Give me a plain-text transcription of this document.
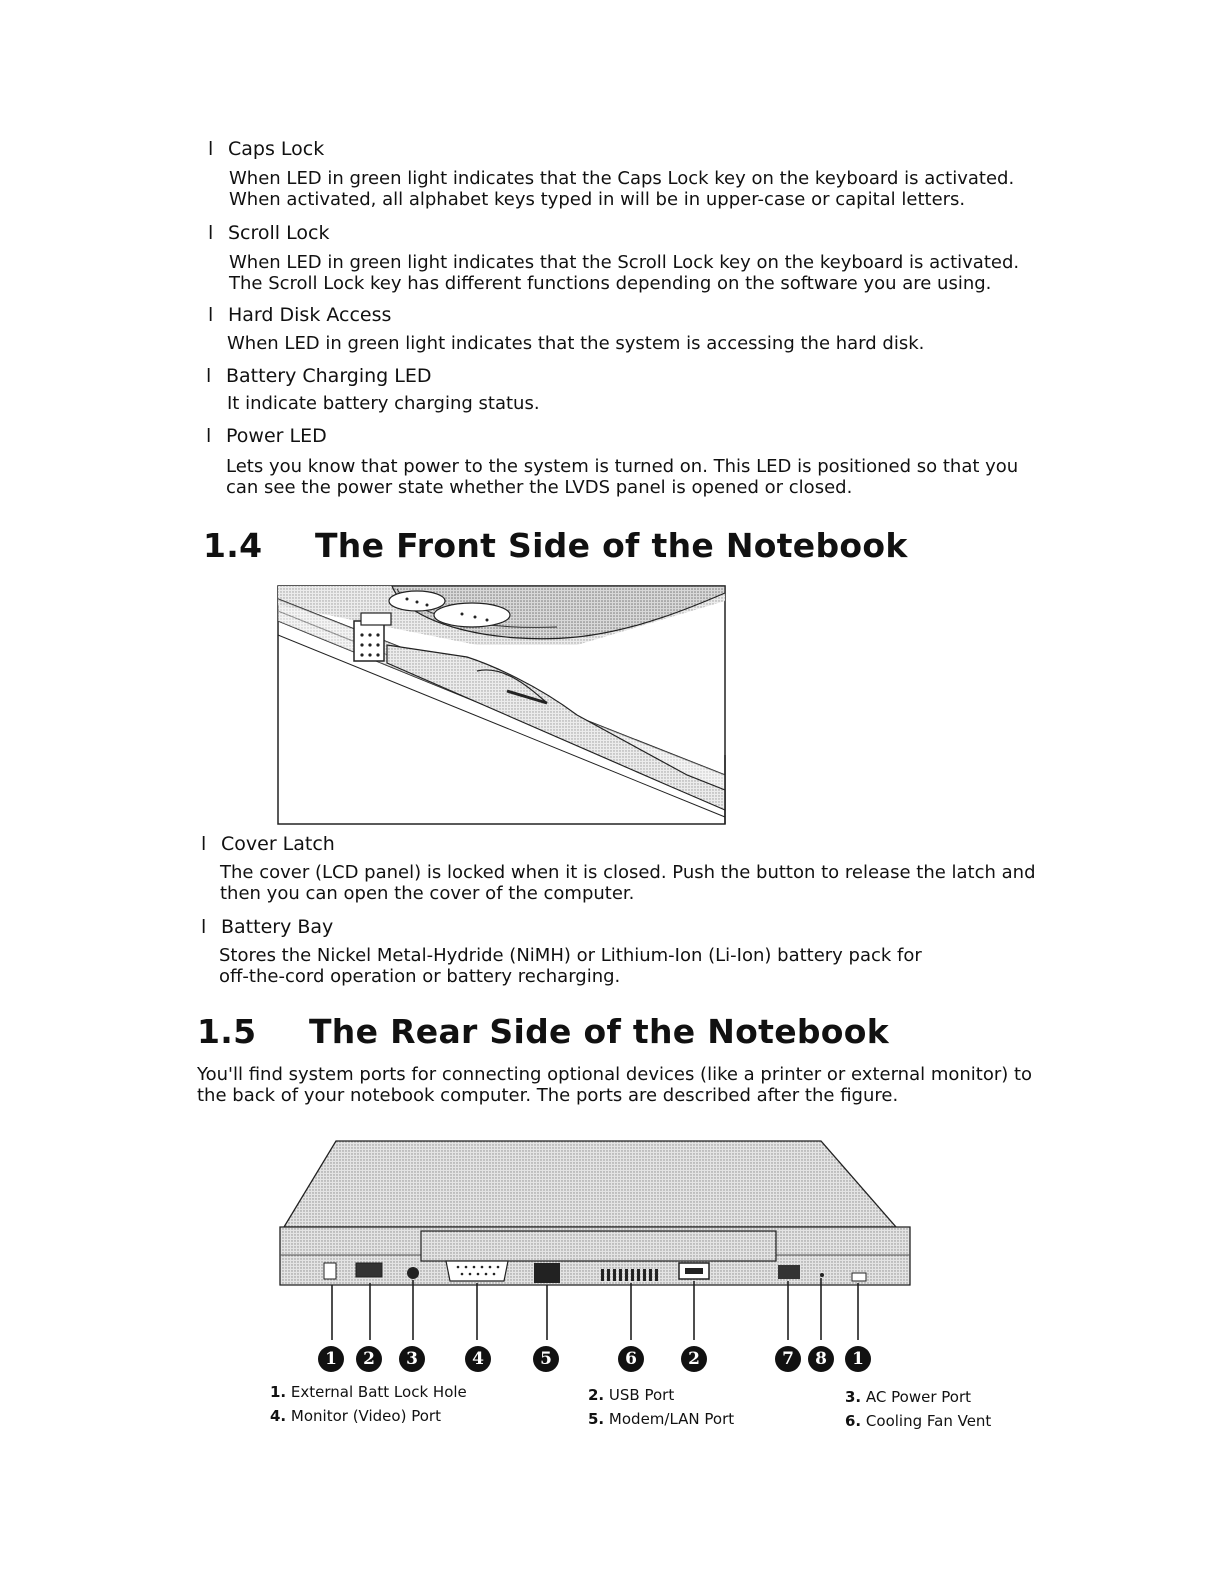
l Caps Lock
When LED in green light indicates that the Caps Lock key on the keyboard is activated.
When activated, all alphabet keys typed in will be in upper-case or capital letters.
l Scroll Lock
When LED in green light indicates that the Scroll Lock key on the keyboard is activated.
The Scroll Lock key has different functions depending on the software you are using.
l Hard Disk Access
When LED in green light indicates that the system is accessing the hard disk.
l Battery Charging LED
It indicate battery charging status.
l Power LED
Lets you know that power to the system is turned on. This LED is positioned so that you
can see the power state whether the LVDS panel is opened or closed.
1.4 The Front Side of the Notebook
l Cover Latch
The cover (LCD panel) is locked when it is closed. Push the button to release the latch and
then you can open the cover of the computer.
l Battery Bay
Stores the Nickel Metal-Hydride (NiMH) or Lithium-Ion (Li-Ion) battery pack for
off-the-cord operation or battery recharging.
1.5 The Rear Side of the Notebook
You'll find system ports for connecting optional devices (like a printer or external monitor) to
the back of your notebook computer. The ports are described after the figure.
1	2	3	4	5	6	2	7	8	1
1. External Batt Lock Hole	2. USB Port	3. AC Power Port
4. Monitor (Video) Port	5. Modem/LAN Port	6. Cooling Fan Vent
